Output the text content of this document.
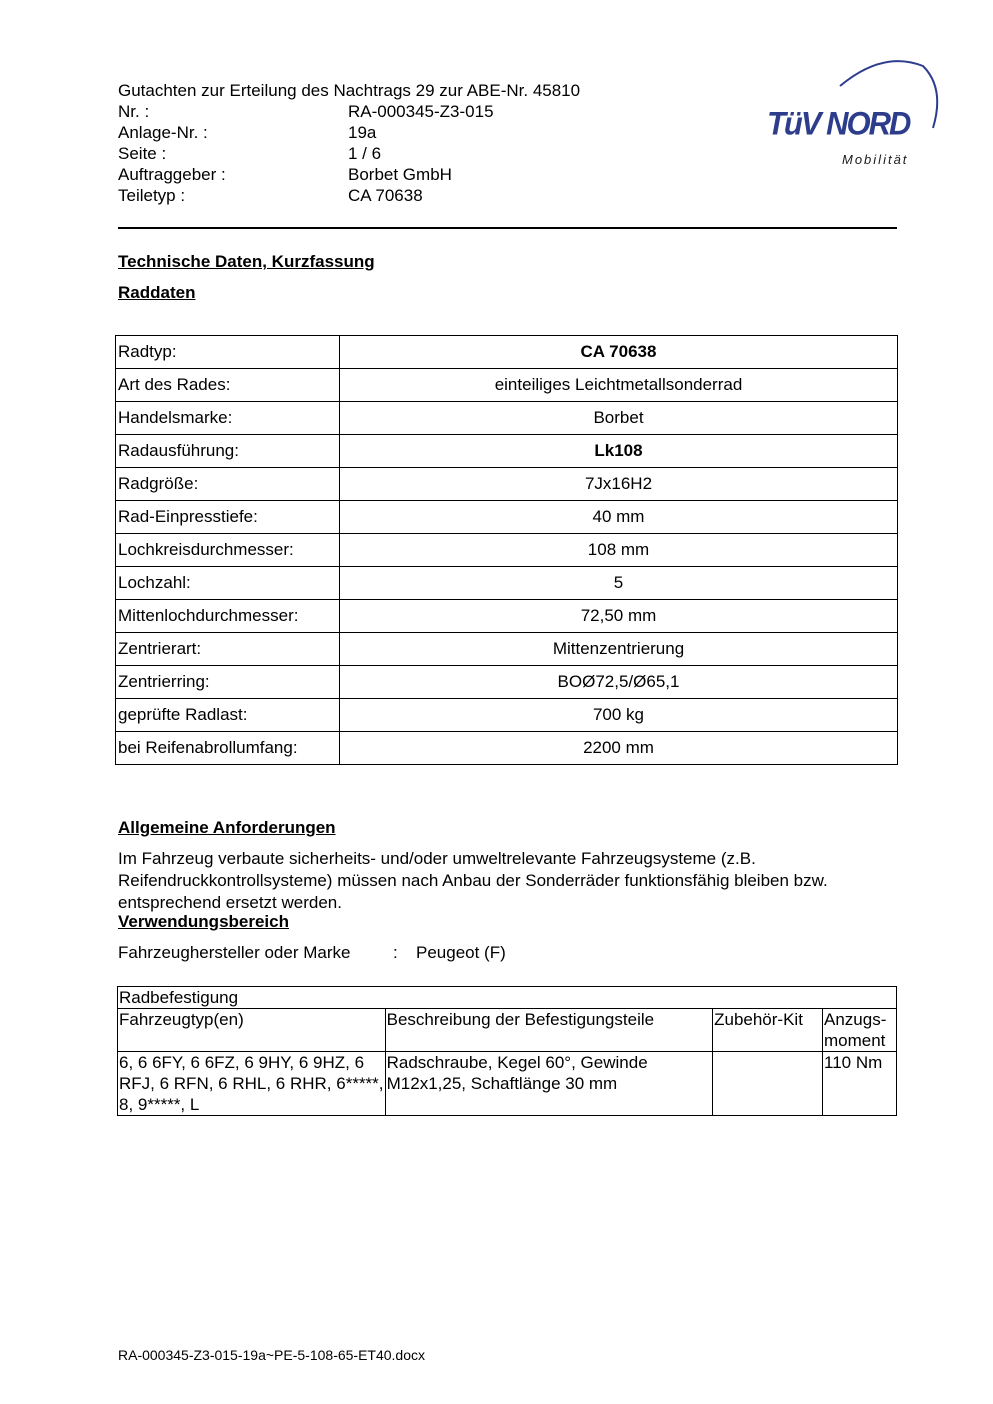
Gutachten zur Erteilung des Nachtrags 29 zur ABE-Nr. 45810
Nr. :	RA-000345-Z3-015
Anlage-Nr. :	19a
Seite :	1 / 6
Auftraggeber :	Borbet GmbH
Teiletyp :	CA 70638
TüV NORD
Mobilität
Technische Daten, Kurzfassung
Raddaten
Radtyp:	CA 70638
Art des Rades:	einteiliges Leichtmetallsonderrad
Handelsmarke:	Borbet
Radausführung:	Lk108
Radgröße:	7Jx16H2
Rad-Einpresstiefe:	40 mm
Lochkreisdurchmesser:	108 mm
Lochzahl:	5
Mittenlochdurchmesser:	72,50 mm
Zentrierart:	Mittenzentrierung
Zentrierring:	BOØ72,5/Ø65,1
geprüfte Radlast:	700 kg
bei Reifenabrollumfang:	2200 mm
Allgemeine Anforderungen
Im Fahrzeug verbaute sicherheits- und/oder umweltrelevante Fahrzeugsysteme (z.B. Reifendruckkontrollsysteme) müssen nach Anbau der Sonderräder funktionsfähig bleiben bzw. entsprechend ersetzt werden.
Verwendungsbereich
Fahrzeughersteller oder Marke	:	Peugeot (F)
Radbefestigung			
Fahrzeugtyp(en)	Beschreibung der Befestigungsteile	Zubehör-Kit	Anzugs-moment
6, 6 6FY, 6 6FZ, 6 9HY, 6 9HZ, 6 RFJ, 6 RFN, 6 RHL, 6 RHR, 6*****, 8, 9*****, L	Radschraube, Kegel 60°, Gewinde M12x1,25, Schaftlänge 30 mm		110 Nm
RA-000345-Z3-015-19a~PE-5-108-65-ET40.docx
